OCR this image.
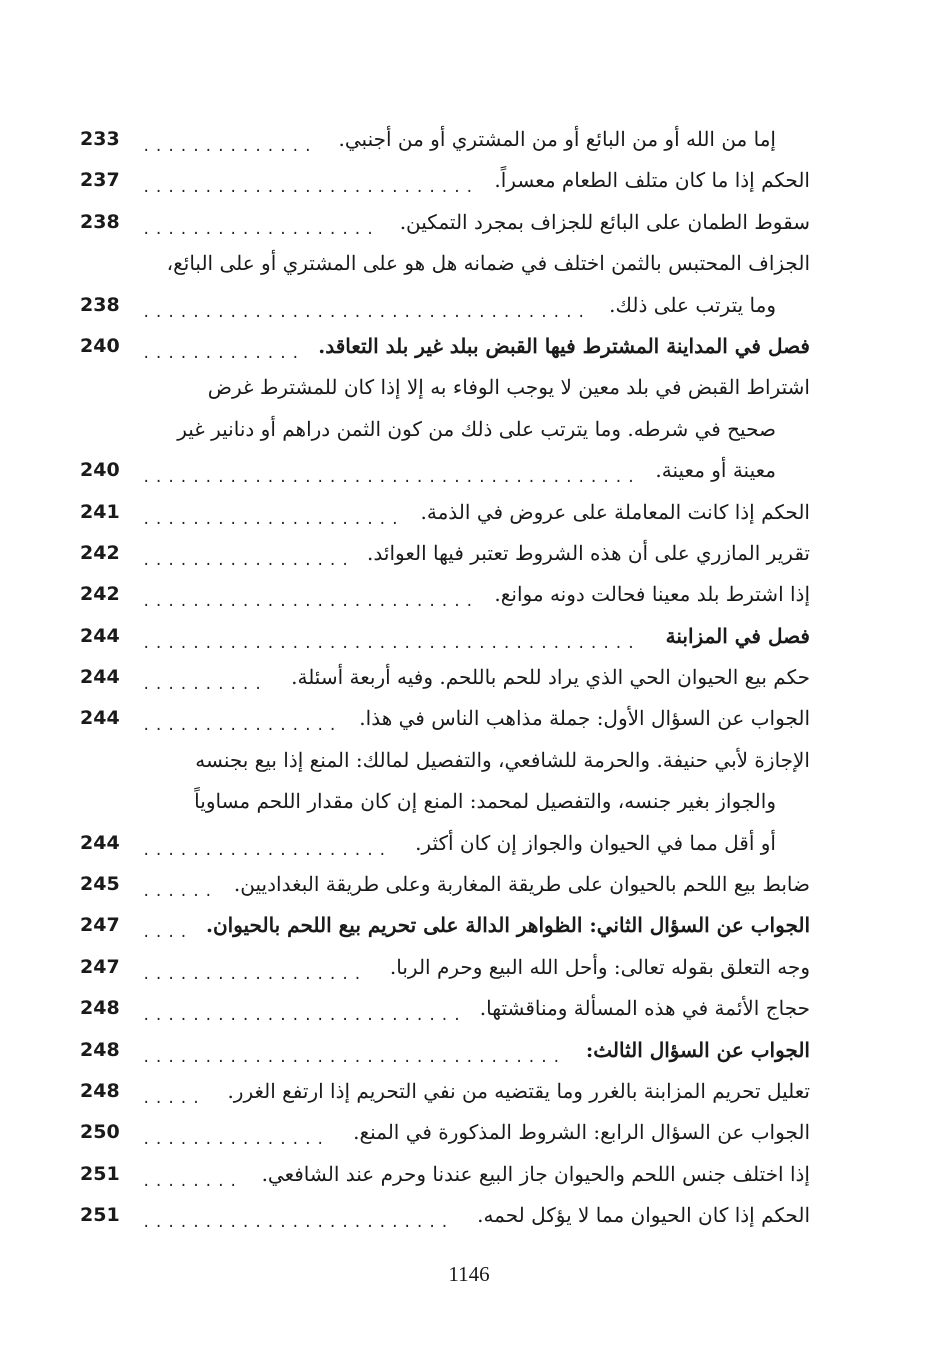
إما من الله أو من البائع أو من المشتري أو من أجنبي.
233	..............
الحكم إذا ما كان متلف الطعام معسراً.
237	...........................
سقوط الطمان على البائع للجزاف بمجرد التمكين.
238	...................
الجزاف المحتبس بالثمن اختلف في ضمانه هل هو على المشتري أو على البائع،
وما يترتب على ذلك.
238	....................................
فصل في المداينة المشترط فيها القبض ببلد غير بلد التعاقد.
240	.............
اشتراط القبض في بلد معين لا يوجب الوفاء به إلا إذا كان للمشترط غرض
صحيح في شرطه. وما يترتب على ذلك من كون الثمن دراهم أو دنانير غير
معينة أو معينة.
240	........................................
الحكم إذا كانت المعاملة على عروض في الذمة.
241	.....................
تقرير المازري على أن هذه الشروط تعتبر فيها العوائد.
242	.................
إذا اشترط بلد معينا فحالت دونه موانع.
242	...........................
فصل في المزابنة
244	........................................
حكم بيع الحيوان الحي الذي يراد للحم باللحم. وفيه أربعة أسئلة.
244	..........
الجواب عن السؤال الأول: جملة مذاهب الناس في هذا.
244	................
الإجازة لأبي حنيفة. والحرمة للشافعي، والتفصيل لمالك: المنع إذا بيع بجنسه
والجواز بغير جنسه، والتفصيل لمحمد: المنع إن كان مقدار اللحم مساوياً
أو أقل مما في الحيوان والجواز إن كان أكثر.
244	....................
ضابط بيع اللحم بالحيوان على طريقة المغاربة وعلى طريقة البغداديين.
245	......
الجواب عن السؤال الثاني: الظواهر الدالة على تحريم بيع اللحم بالحيوان.
247	....
وجه التعلق بقوله تعالى: وأحل الله البيع وحرم الربا.
247	..................
حجاج الأئمة في هذه المسألة ومناقشتها.
248	..........................
الجواب عن السؤال الثالث:
248	..................................
تعليل تحريم المزابنة بالغرر وما يقتضيه من نفي التحريم إذا ارتفع الغرر.
248	.....
الجواب عن السؤال الرابع: الشروط المذكورة في المنع.
250	...............
إذا اختلف جنس اللحم والحيوان جاز البيع عندنا وحرم عند الشافعي.
251	........
الحكم إذا كان الحيوان مما لا يؤكل لحمه.
251	.........................
1146
